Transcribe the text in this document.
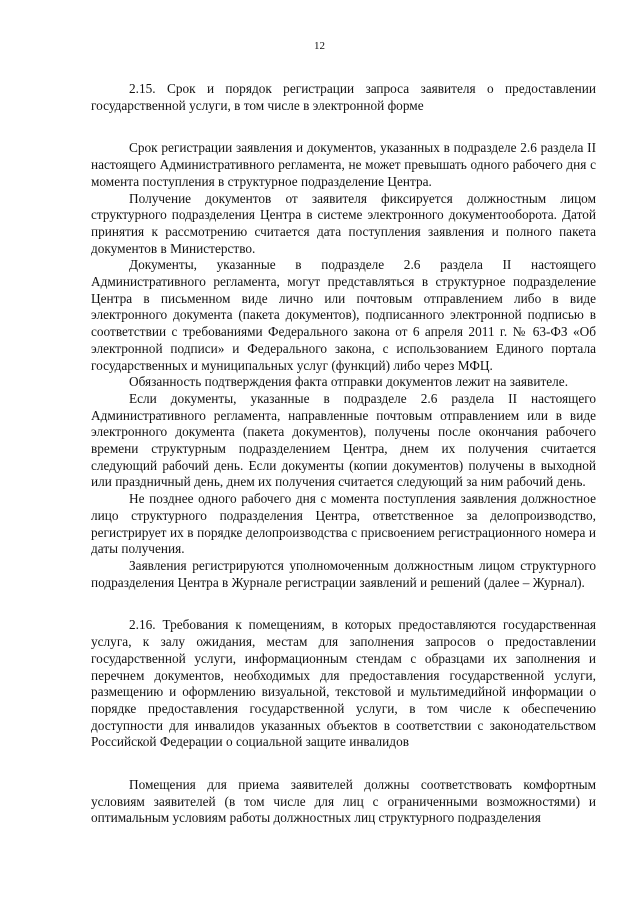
12

2.15. Срок и порядок регистрации запроса заявителя о предоставлении государственной услуги, в том числе в электронной форме

Срок регистрации заявления и документов, указанных в подразделе 2.6 раздела II настоящего Административного регламента, не может превышать одного рабочего дня с момента поступления в структурное подразделение Центра.

Получение документов от заявителя фиксируется должностным лицом структурного подразделения Центра в системе электронного документооборота. Датой принятия к рассмотрению считается дата поступления заявления и полного пакета документов в Министерство.

Документы, указанные в подразделе 2.6 раздела II настоящего Административного регламента, могут представляться в структурное подразделение Центра в письменном виде лично или почтовым отправлением либо в виде электронного документа (пакета документов), подписанного электронной подписью в соответствии с требованиями Федерального закона от 6 апреля 2011 г. № 63-ФЗ «Об электронной подписи» и Федерального закона, с использованием Единого портала государственных и муниципальных услуг (функций) либо через МФЦ.

Обязанность подтверждения факта отправки документов лежит на заявителе.

Если документы, указанные в подразделе 2.6 раздела II настоящего Административного регламента, направленные почтовым отправлением или в виде электронного документа (пакета документов), получены после окончания рабочего времени структурным подразделением Центра, днем их получения считается следующий рабочий день. Если документы (копии документов) получены в выходной или праздничный день, днем их получения считается следующий за ним рабочий день.

Не позднее одного рабочего дня с момента поступления заявления должностное лицо структурного подразделения Центра, ответственное за делопроизводство, регистрирует их в порядке делопроизводства с присвоением регистрационного номера и даты получения.

Заявления регистрируются уполномоченным должностным лицом структурного подразделения Центра в Журнале регистрации заявлений и решений (далее – Журнал).

2.16. Требования к помещениям, в которых предоставляются государственная услуга, к залу ожидания, местам для заполнения запросов о предоставлении государственной услуги, информационным стендам с образцами их заполнения и перечнем документов, необходимых для предоставления государственной услуги, размещению и оформлению визуальной, текстовой и мультимедийной информации о порядке предоставления государственной услуги, в том числе к обеспечению доступности для инвалидов указанных объектов в соответствии с законодательством Российской Федерации о социальной защите инвалидов

Помещения для приема заявителей должны соответствовать комфортным условиям заявителей (в том числе для лиц с ограниченными возможностями) и оптимальным условиям работы должностных лиц структурного подразделения
